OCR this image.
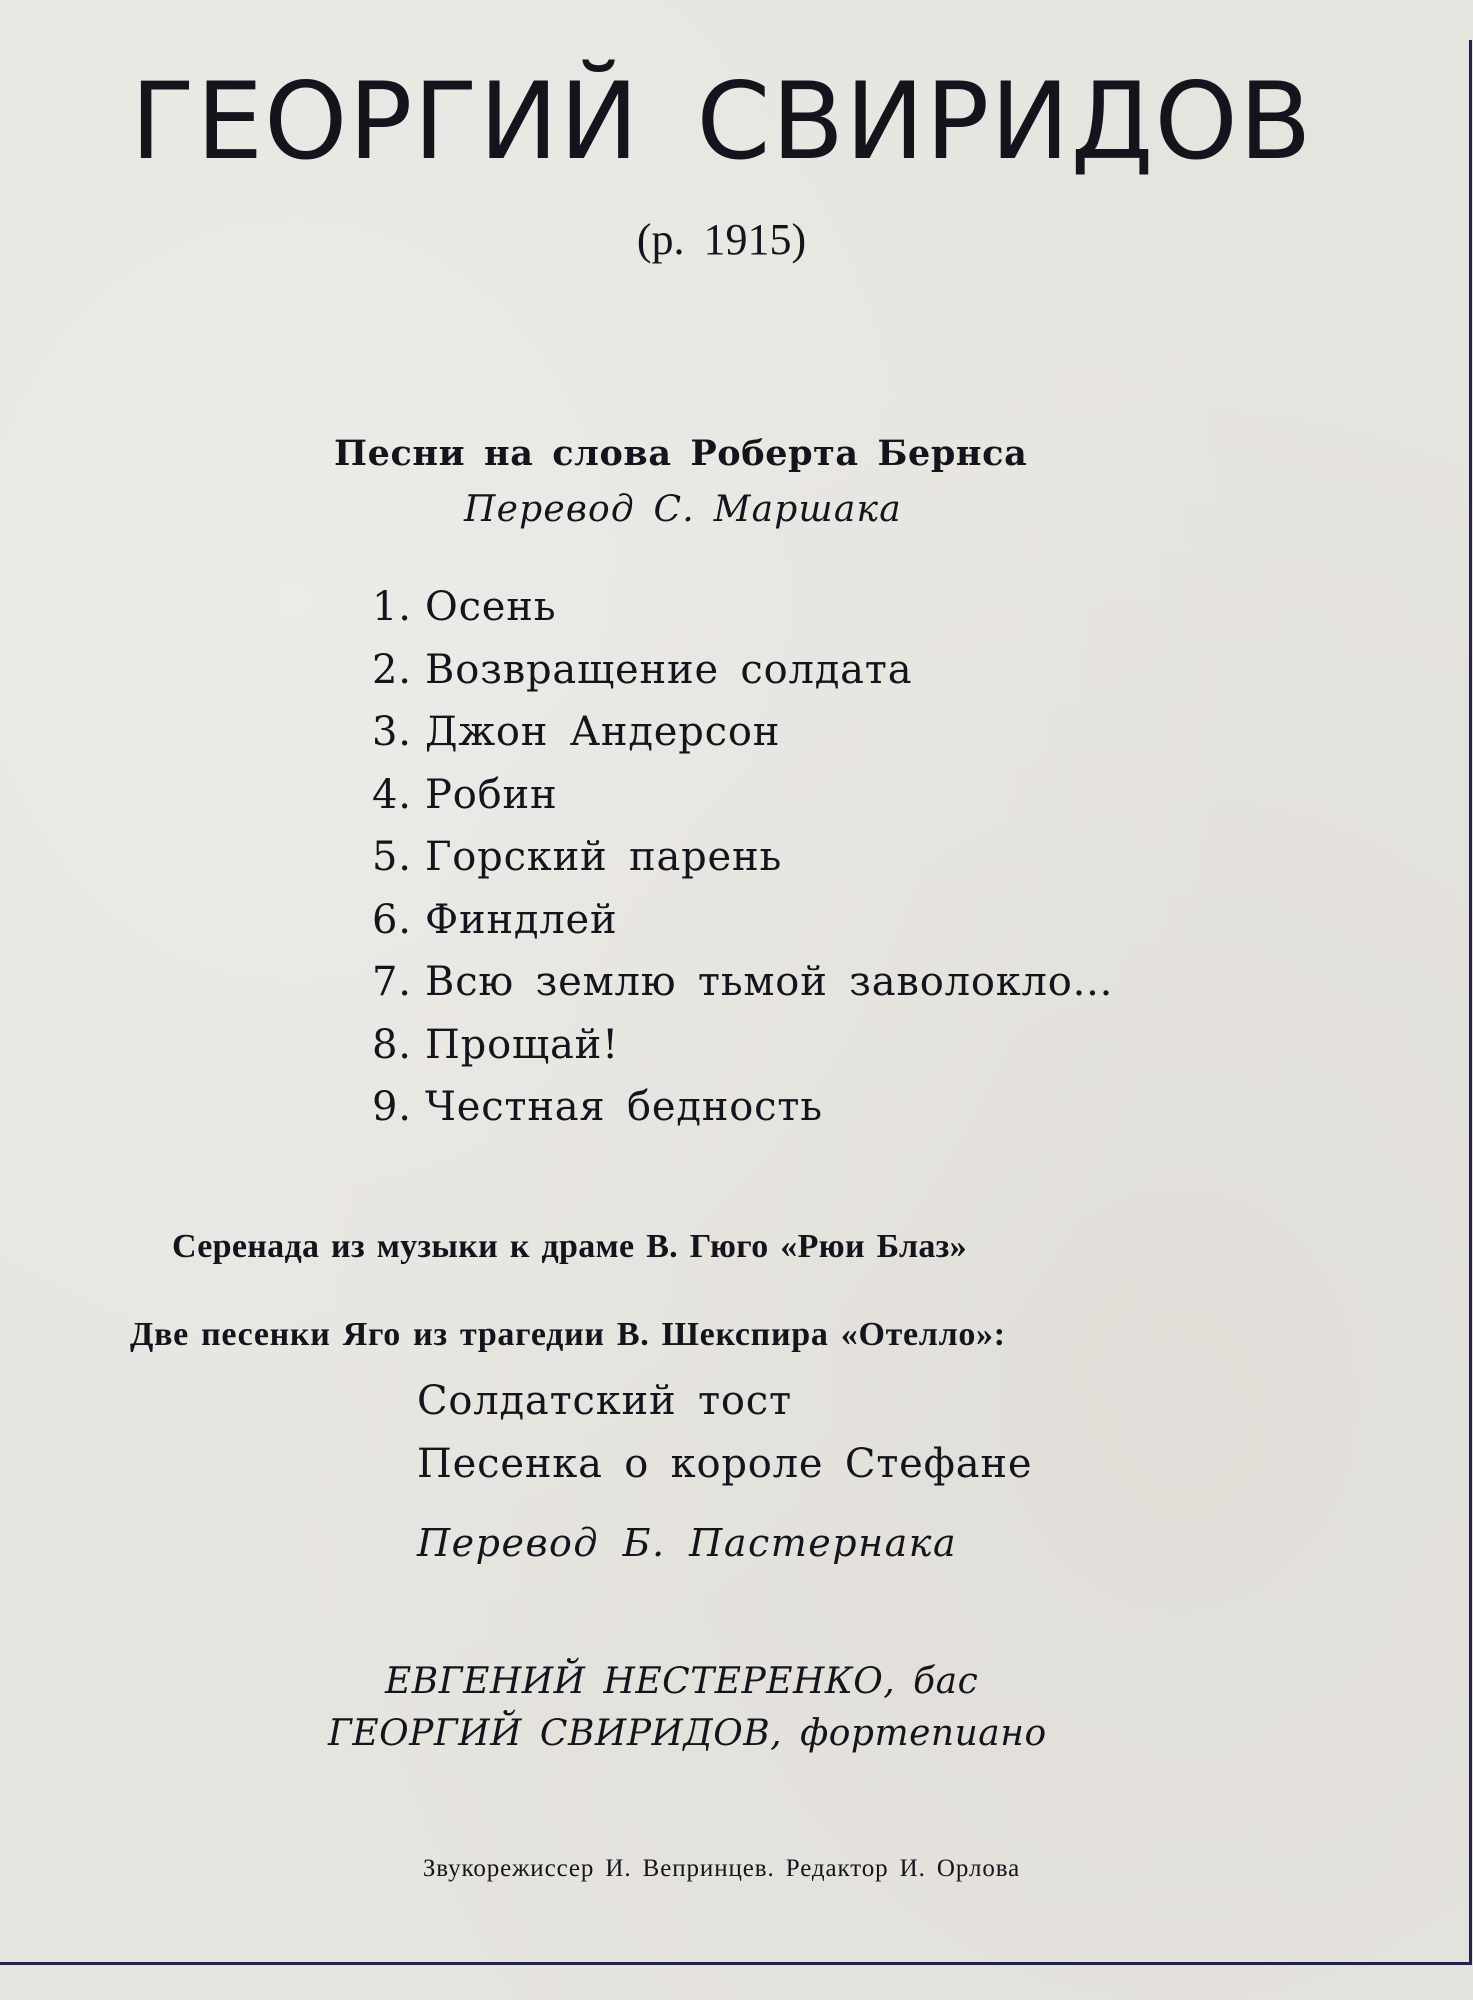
ГЕОРГИЙ СВИРИДОВ
(р. 1915)
Песни на слова Роберта Бернса
Перевод С. Маршака
1. Осень
2. Возвращение солдата
3. Джон Андерсон
4. Робин
5. Горский парень
6. Финдлей
7. Всю землю тьмой заволокло...
8. Прощай!
9. Честная бедность
Серенада из музыки к драме В. Гюго «Рюи Блаз»
Две песенки Яго из трагедии В. Шекспира «Отелло»:
Солдатский тост
Песенка о короле Стефане
Перевод Б. Пастернака
ЕВГЕНИЙ НЕСТЕРЕНКО, бас
ГЕОРГИЙ СВИРИДОВ, фортепиано
Звукорежиссер И. Вепринцев. Редактор И. Орлова
